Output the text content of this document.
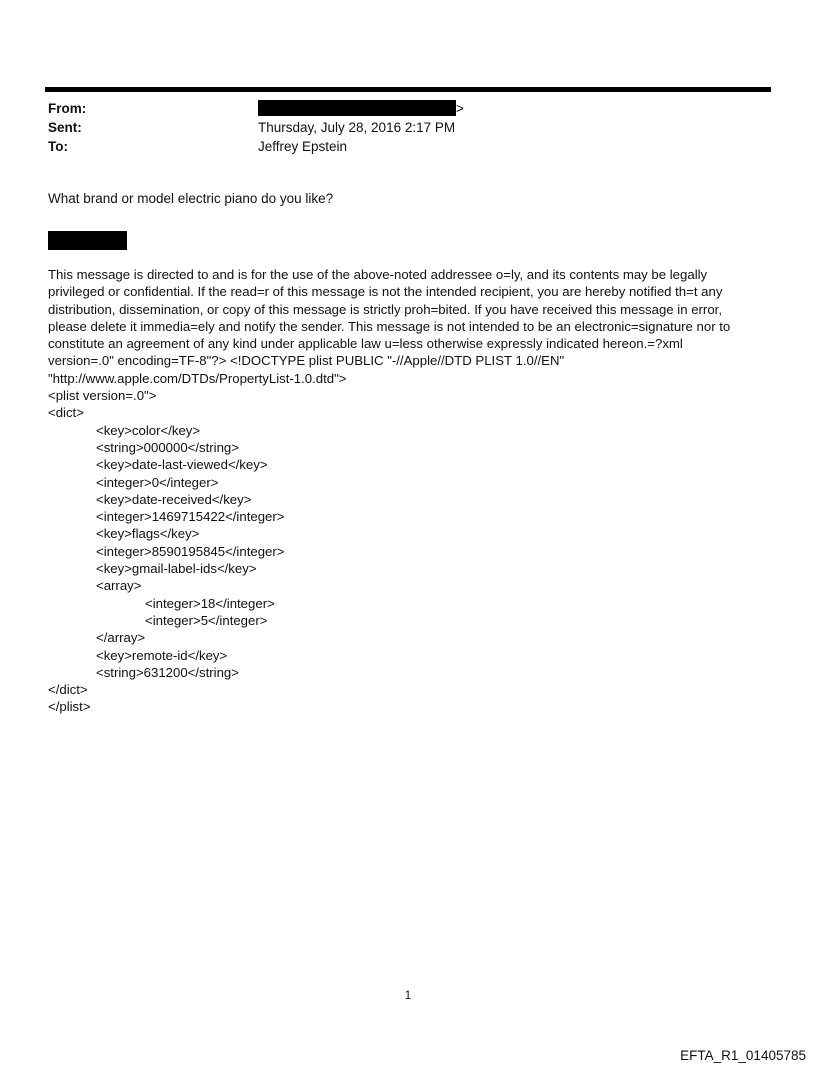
From:	>
Sent:	Thursday, July 28, 2016 2:17 PM
To:	Jeffrey Epstein
What brand or model electric piano do you like?
This message is directed to and is for the use of the above-noted addressee o=ly, and its contents may be legally
privileged or confidential. If the read=r of this message is not the intended recipient, you are hereby notified th=t any
distribution, dissemination, or copy of this message is strictly proh=bited. If you have received this message in error,
please delete it immedia=ely and notify the sender. This message is not intended to be an electronic=signature nor to
constitute an agreement of any kind under applicable law u=less otherwise expressly indicated hereon.=?xml
version=.0" encoding=TF-8"?> <!DOCTYPE plist PUBLIC "-//Apple//DTD PLIST 1.0//EN"
"http://www.apple.com/DTDs/PropertyList-1.0.dtd">
<plist version=.0">
<dict>
<key>color</key>
<string>000000</string>
<key>date-last-viewed</key>
<integer>0</integer>
<key>date-received</key>
<integer>1469715422</integer>
<key>flags</key>
<integer>8590195845</integer>
<key>gmail-label-ids</key>
<array>
<integer>18</integer>
<integer>5</integer>
</array>
<key>remote-id</key>
<string>631200</string>
</dict>
</plist>
1
EFTA_R1_01405785
